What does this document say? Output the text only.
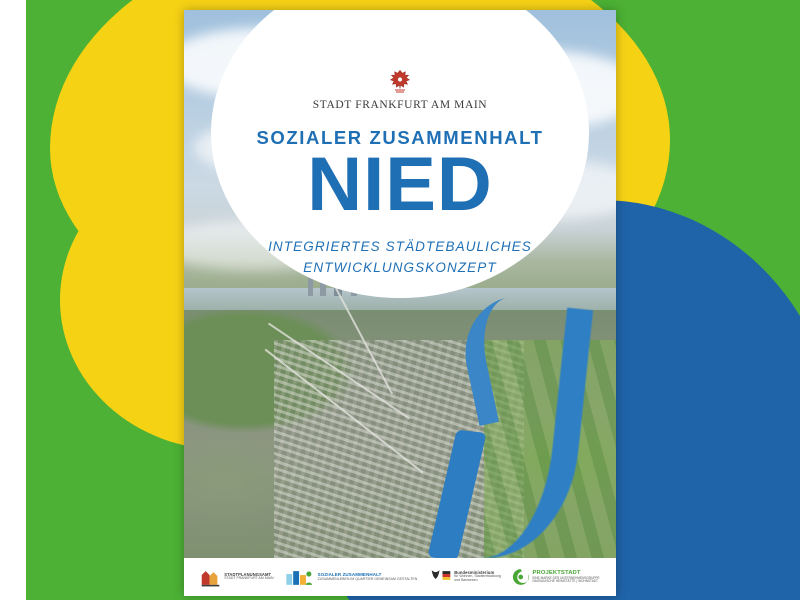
STADT FRANKFURT AM MAIN
SOZIALER ZUSAMMENHALT
NIED
INTEGRIERTES STÄDTEBAULICHES
ENTWICKLUNGSKONZEPT
STADTPLANUNGSAMT
STADT FRANKFURT AM MAIN
SOZIALER ZUSAMMENHALT
ZUSAMMENLEBEN IM QUARTIER GEMEINSAM GESTALTEN
Bundesministerium
für Wohnen, Stadtentwicklung
und Bauwesen
PROJEKTSTADT
EINE MARKE DER UNTERNEHMENSGRUPPE
NASSAUISCHE HEIMSTÄTTE | WOHNSTADT
